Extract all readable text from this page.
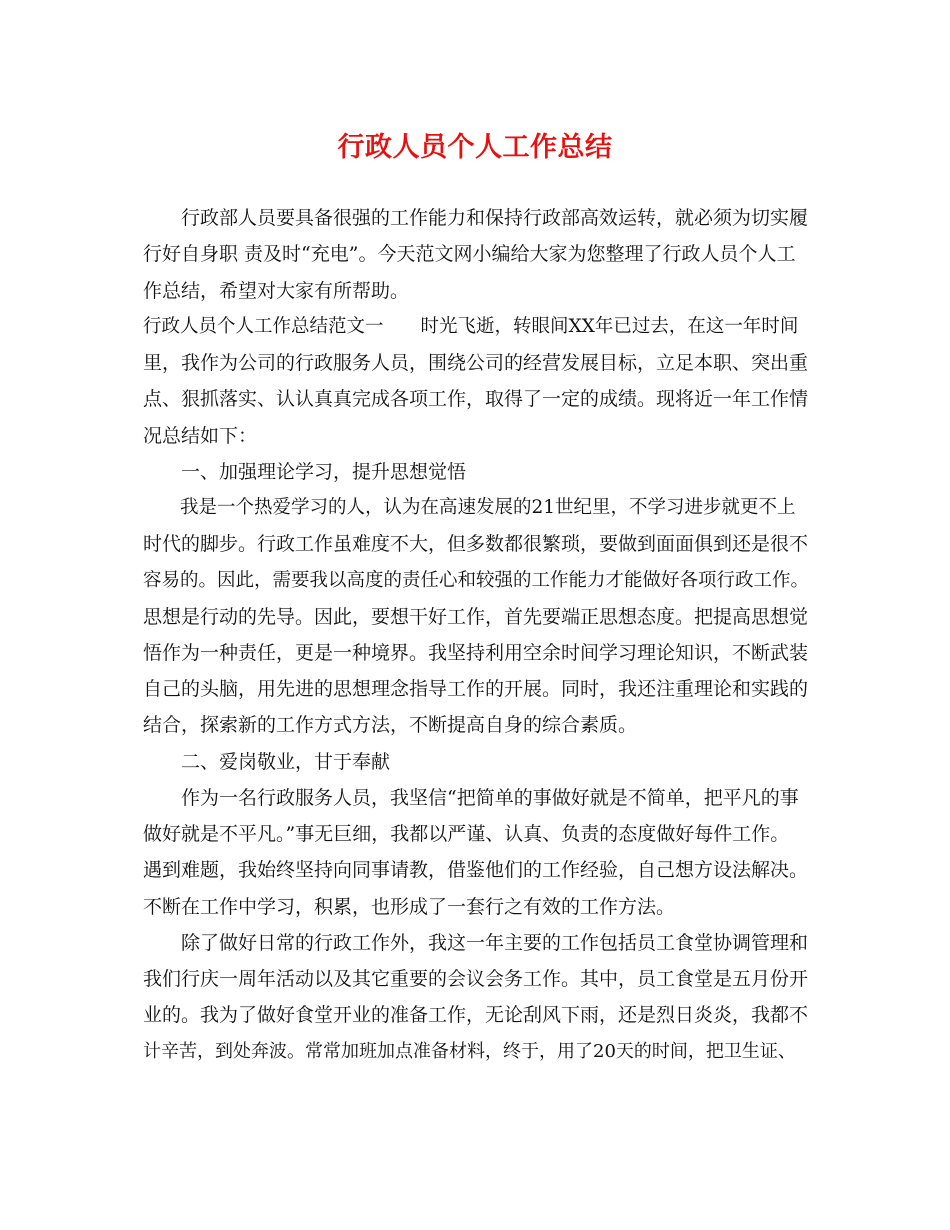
行政人员个人工作总结
　　行政部人员要具备很强的工作能力和保持行政部高效运转，就必须为切实履
行好自身职 责及时“充电”。今天范文网小编给大家为您整理了行政人员个人工
作总结，希望对大家有所帮助。
行政人员个人工作总结范文一　　时光飞逝，转眼间XX年已过去，在这一年时间
里，我作为公司的行政服务人员，围绕公司的经营发展目标，立足本职、突出重
点、狠抓落实、认认真真完成各项工作，取得了一定的成绩。现将近一年工作情
况总结如下：
　　一、加强理论学习，提升思想觉悟
　　我是一个热爱学习的人，认为在高速发展的21世纪里，不学习进步就更不上
时代的脚步。行政工作虽难度不大，但多数都很繁琐，要做到面面俱到还是很不
容易的。因此，需要我以高度的责任心和较强的工作能力才能做好各项行政工作。
思想是行动的先导。因此，要想干好工作，首先要端正思想态度。把提高思想觉
悟作为一种责任，更是一种境界。我坚持利用空余时间学习理论知识，不断武装
自己的头脑，用先进的思想理念指导工作的开展。同时，我还注重理论和实践的
结合，探索新的工作方式方法，不断提高自身的综合素质。
　　二、爱岗敬业，甘于奉献
　　作为一名行政服务人员，我坚信“把简单的事做好就是不简单，把平凡的事
做好就是不平凡。”事无巨细，我都以严谨、认真、负责的态度做好每件工作。
遇到难题，我始终坚持向同事请教，借鉴他们的工作经验，自己想方设法解决。
不断在工作中学习，积累，也形成了一套行之有效的工作方法。
　　除了做好日常的行政工作外，我这一年主要的工作包括员工食堂协调管理和
我们行庆一周年活动以及其它重要的会议会务工作。其中，员工食堂是五月份开
业的。我为了做好食堂开业的准备工作，无论刮风下雨，还是烈日炎炎，我都不
计辛苦，到处奔波。常常加班加点准备材料，终于，用了20天的时间，把卫生证、
